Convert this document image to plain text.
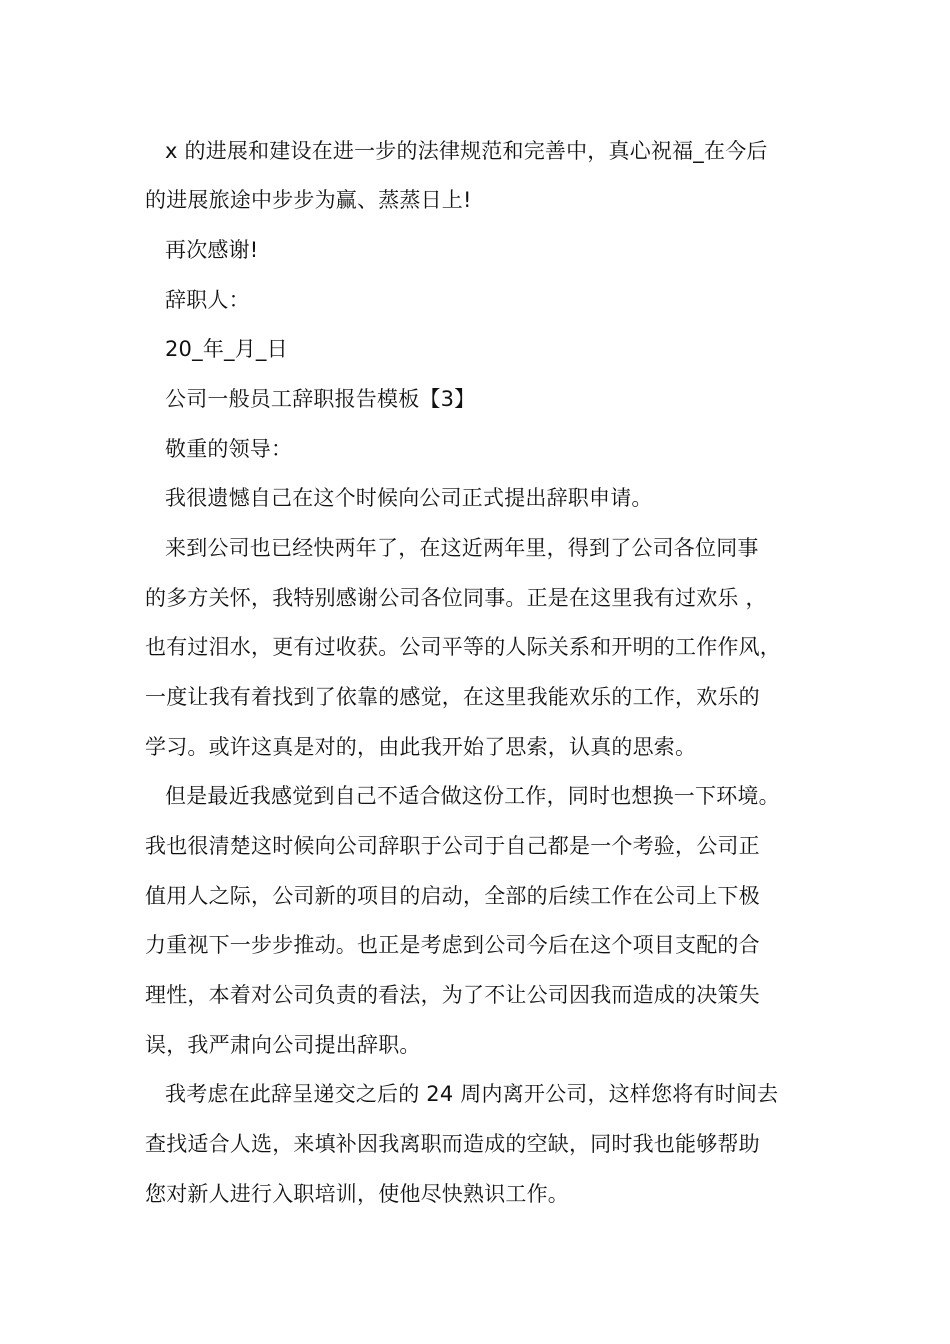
x 的进展和建设在进一步的法律规范和完善中，真心祝福_在今后
的进展旅途中步步为赢、蒸蒸日上!
再次感谢!
辞职人：
20_年_月_日
公司一般员工辞职报告模板【3】
敬重的领导：
我很遗憾自己在这个时候向公司正式提出辞职申请。
来到公司也已经快两年了，在这近两年里，得到了公司各位同事
的多方关怀，我特别感谢公司各位同事。正是在这里我有过欢乐 ，
也有过泪水，更有过收获。公司平等的人际关系和开明的工作作风，
一度让我有着找到了依靠的感觉，在这里我能欢乐的工作，欢乐的
学习。或许这真是对的，由此我开始了思索，认真的思索。
但是最近我感觉到自己不适合做这份工作，同时也想换一下环境。
我也很清楚这时候向公司辞职于公司于自己都是一个考验，公司正
值用人之际，公司新的项目的启动，全部的后续工作在公司上下极
力重视下一步步推动。也正是考虑到公司今后在这个项目支配的合
理性，本着对公司负责的看法，为了不让公司因我而造成的决策失
误，我严肃向公司提出辞职。
我考虑在此辞呈递交之后的 24 周内离开公司，这样您将有时间去
查找适合人选，来填补因我离职而造成的空缺，同时我也能够帮助
您对新人进行入职培训，使他尽快熟识工作。
